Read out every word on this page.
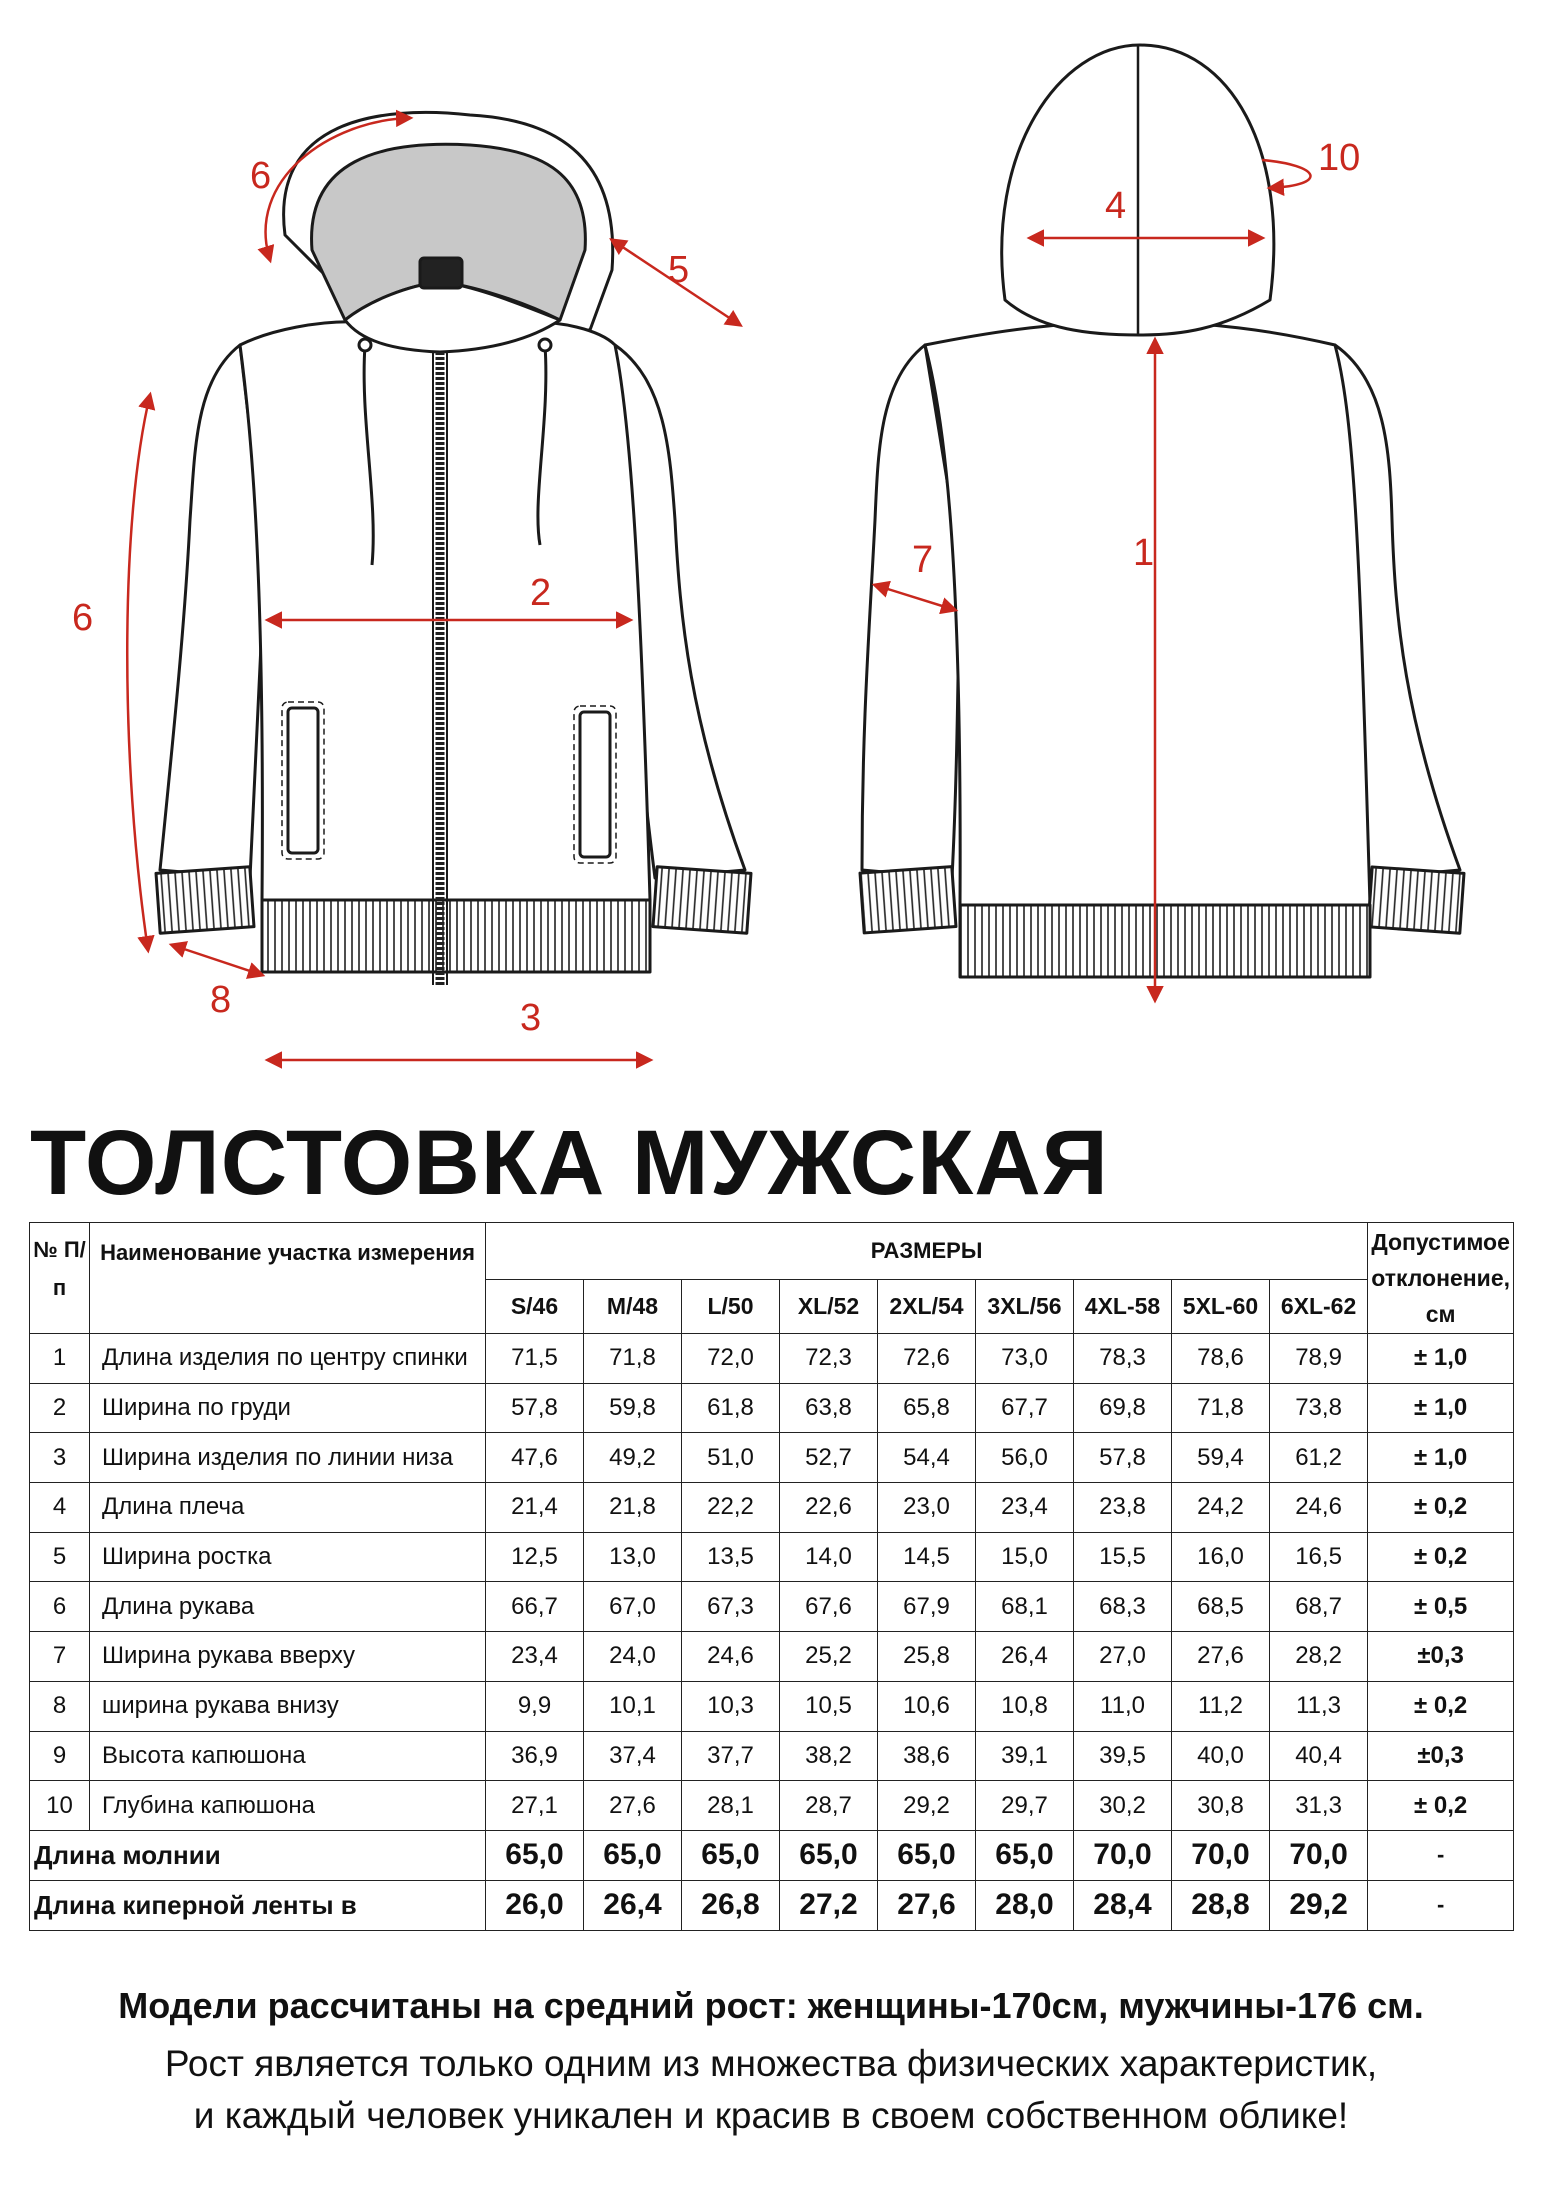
6
5
6
2
8	3
10
4
7	1
ТОЛСТОВКА МУЖСКАЯ
№ П/п	Наименование участка измерения	РАЗМЕРЫ									Допустимое отклонение, см
		S/46	M/48	L/50	XL/52	2XL/54	3XL/56	4XL-58	5XL-60	6XL-62	
1	Длина изделия по центру спинки	71,5	71,8	72,0	72,3	72,6	73,0	78,3	78,6	78,9	± 1,0
2	Ширина по груди	57,8	59,8	61,8	63,8	65,8	67,7	69,8	71,8	73,8	± 1,0
3	Ширина изделия по линии низа	47,6	49,2	51,0	52,7	54,4	56,0	57,8	59,4	61,2	± 1,0
4	Длина плеча	21,4	21,8	22,2	22,6	23,0	23,4	23,8	24,2	24,6	± 0,2
5	Ширина ростка	12,5	13,0	13,5	14,0	14,5	15,0	15,5	16,0	16,5	± 0,2
6	Длина рукава	66,7	67,0	67,3	67,6	67,9	68,1	68,3	68,5	68,7	± 0,5
7	Ширина рукава вверху	23,4	24,0	24,6	25,2	25,8	26,4	27,0	27,6	28,2	±0,3
8	ширина рукава внизу	9,9	10,1	10,3	10,5	10,6	10,8	11,0	11,2	11,3	± 0,2
9	Высота капюшона	36,9	37,4	37,7	38,2	38,6	39,1	39,5	40,0	40,4	±0,3
10	Глубина капюшона	27,1	27,6	28,1	28,7	29,2	29,7	30,2	30,8	31,3	± 0,2
Длина молнии		65,0	65,0	65,0	65,0	65,0	65,0	70,0	70,0	70,0	-
Длина киперной ленты в		26,0	26,4	26,8	27,2	27,6	28,0	28,4	28,8	29,2	-
Модели рассчитаны на средний рост: женщины-170см, мужчины-176 см.
Рост является только одним из множества физических характеристик,
и каждый человек уникален и красив в своем собственном облике!
